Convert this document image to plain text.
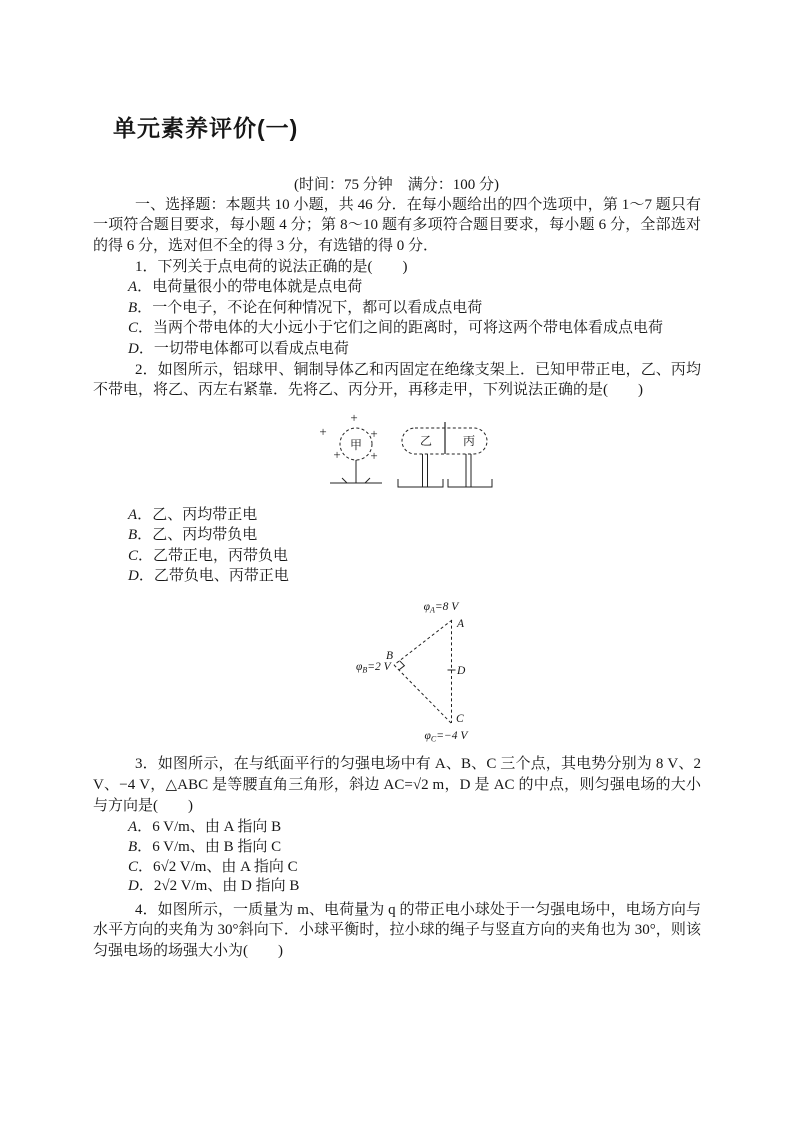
单元素养评价(一)
(时间：75 分钟　满分：100 分)
一、选择题：本题共 10 小题，共 46 分．在每小题给出的四个选项中，第 1～7 题只有一项符合题目要求，每小题 4 分；第 8～10 题有多项符合题目要求，每小题 6 分，全部选对的得 6 分，选对但不全的得 3 分，有选错的得 0 分．
1．下列关于点电荷的说法正确的是(　　)
A．电荷量很小的带电体就是点电荷
B．一个电子，不论在何种情况下，都可以看成点电荷
C．当两个带电体的大小远小于它们之间的距离时，可将这两个带电体看成点电荷
D．一切带电体都可以看成点电荷
2．如图所示，铝球甲、铜制导体乙和丙固定在绝缘支架上．已知甲带正电，乙、丙均不带电，将乙、丙左右紧靠．先将乙、丙分开，再移走甲，下列说法正确的是(　　)
甲
+
+	+
+ +
乙	丙
A．乙、丙均带正电
B．乙、丙均带负电
C．乙带正电，丙带负电
D．乙带负电、丙带正电
$\varphi_A=8$ V
A
B
$\varphi_B=2$ V
C
$\varphi_C=-4$ V
D
3．如图所示，在与纸面平行的匀强电场中有 A、B、C 三个点，其电势分别为 8 V、2 V、−4 V，△ABC 是等腰直角三角形，斜边 AC=√2 m，D 是 AC 的中点，则匀强电场的大小与方向是(　　)
A．6 V/m、由 A 指向 B
B．6 V/m、由 B 指向 C
C．6√2 V/m、由 A 指向 C
D．2√2 V/m、由 D 指向 B
4．如图所示，一质量为 m、电荷量为 q 的带正电小球处于一匀强电场中，电场方向与水平方向的夹角为 30°斜向下．小球平衡时，拉小球的绳子与竖直方向的夹角也为 30°，则该匀强电场的场强大小为(　　)
